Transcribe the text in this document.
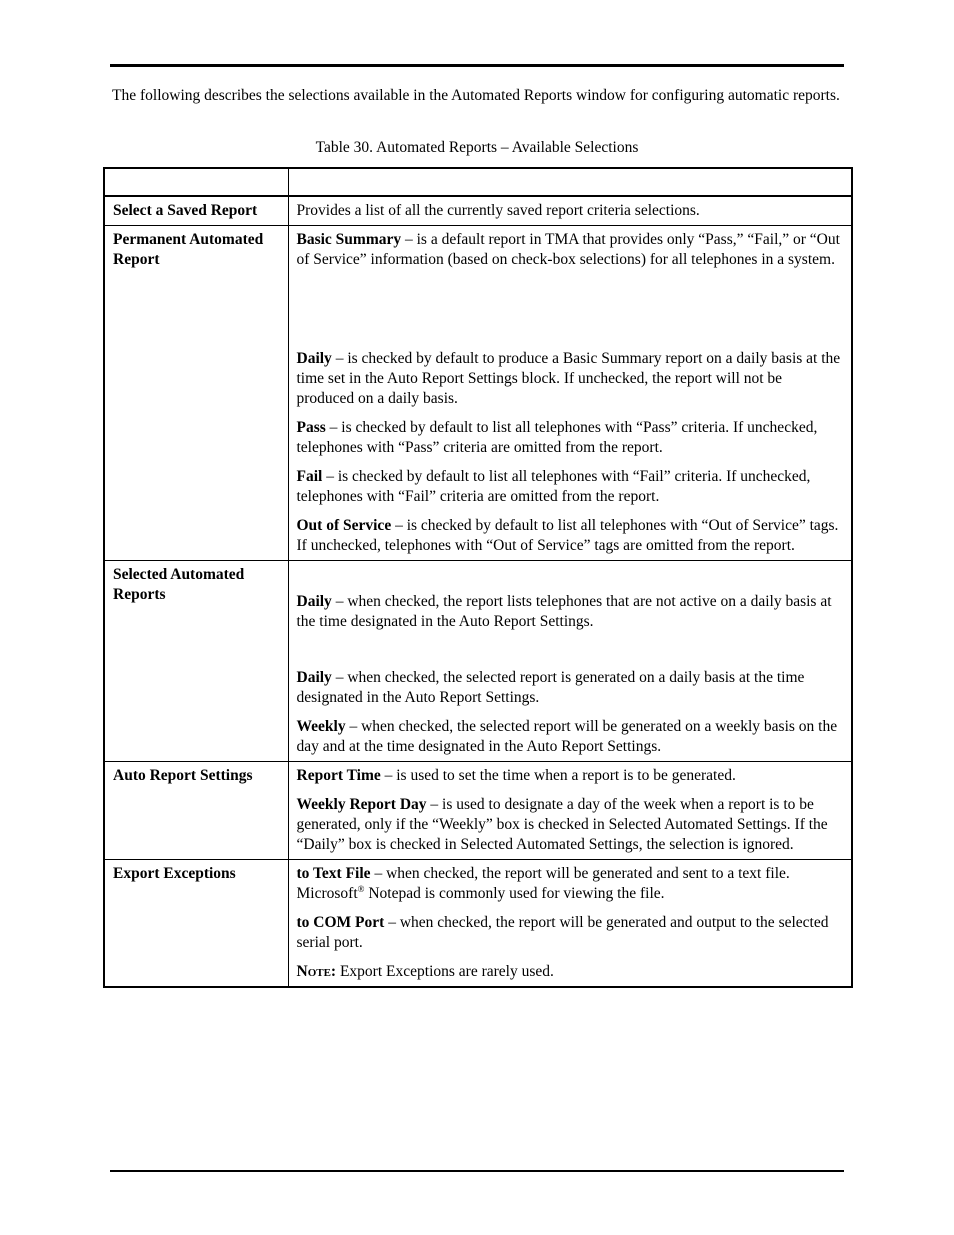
The following describes the selections available in the Automated Reports window for configuring automatic reports.

Table 30. Automated Reports – Available Selections

Select a Saved Report	Provides a list of all the currently saved report criteria selections.

Permanent Automated Report	Basic Summary – is a default report in TMA that provides only “Pass,” “Fail,” or “Out of Service” information (based on check-box selections) for all telephones in a system.
Daily – is checked by default to produce a Basic Summary report on a daily basis at the time set in the Auto Report Settings block. If unchecked, the report will not be produced on a daily basis.
Pass – is checked by default to list all telephones with “Pass” criteria. If unchecked, telephones with “Pass” criteria are omitted from the report.
Fail – is checked by default to list all telephones with “Fail” criteria. If unchecked, telephones with “Fail” criteria are omitted from the report.
Out of Service – is checked by default to list all telephones with “Out of Service” tags. If unchecked, telephones with “Out of Service” tags are omitted from the report.

Selected Automated Reports	Daily – when checked, the report lists telephones that are not active on a daily basis at the time designated in the Auto Report Settings.
Daily – when checked, the selected report is generated on a daily basis at the time designated in the Auto Report Settings.
Weekly – when checked, the selected report will be generated on a weekly basis on the day and at the time designated in the Auto Report Settings.

Auto Report Settings	Report Time – is used to set the time when a report is to be generated.
Weekly Report Day – is used to designate a day of the week when a report is to be generated, only if the “Weekly” box is checked in Selected Automated Settings. If the “Daily” box is checked in Selected Automated Settings, the selection is ignored.

Export Exceptions	to Text File – when checked, the report will be generated and sent to a text file. Microsoft® Notepad is commonly used for viewing the file.
to COM Port – when checked, the report will be generated and output to the selected serial port.
Note: Export Exceptions are rarely used.
